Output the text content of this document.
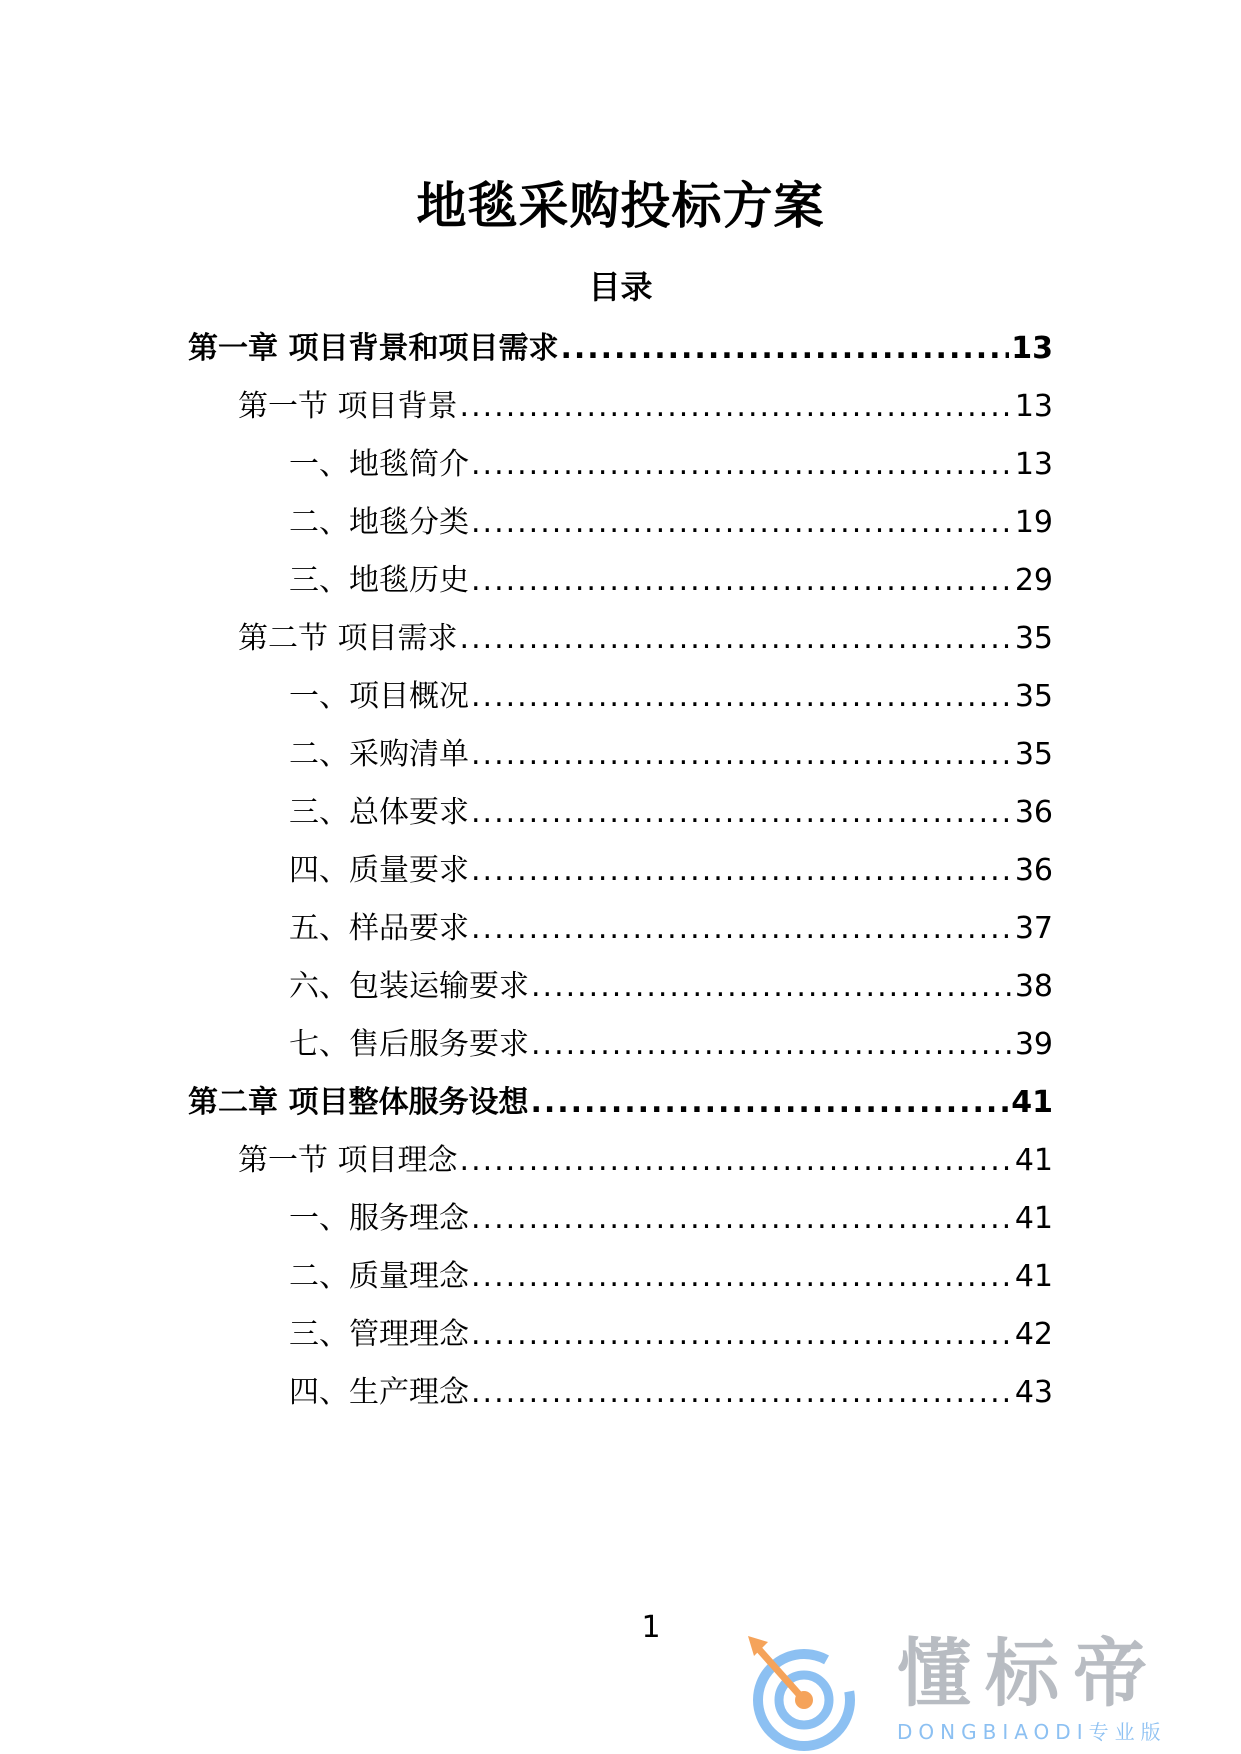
地毯采购投标方案
目录
第一章 项目背景和项目需求 .....	13
第一节 项目背景 .....	13
一、地毯简介 .....	13
二、地毯分类 .....	19
三、地毯历史 .....	29
第二节 项目需求 .....	35
一、项目概况 .....	35
二、采购清单 .....	35
三、总体要求 .....	36
四、质量要求 .....	36
五、样品要求 .....	37
六、包装运输要求 .....	38
七、售后服务要求 .....	39
第二章 项目整体服务设想 .....	41
第一节 项目理念 .....	41
一、服务理念 .....	41
二、质量理念 .....	41
三、管理理念 .....	42
四、生产理念 .....	43
1
懂标帝
DONGBIAODI专业版
